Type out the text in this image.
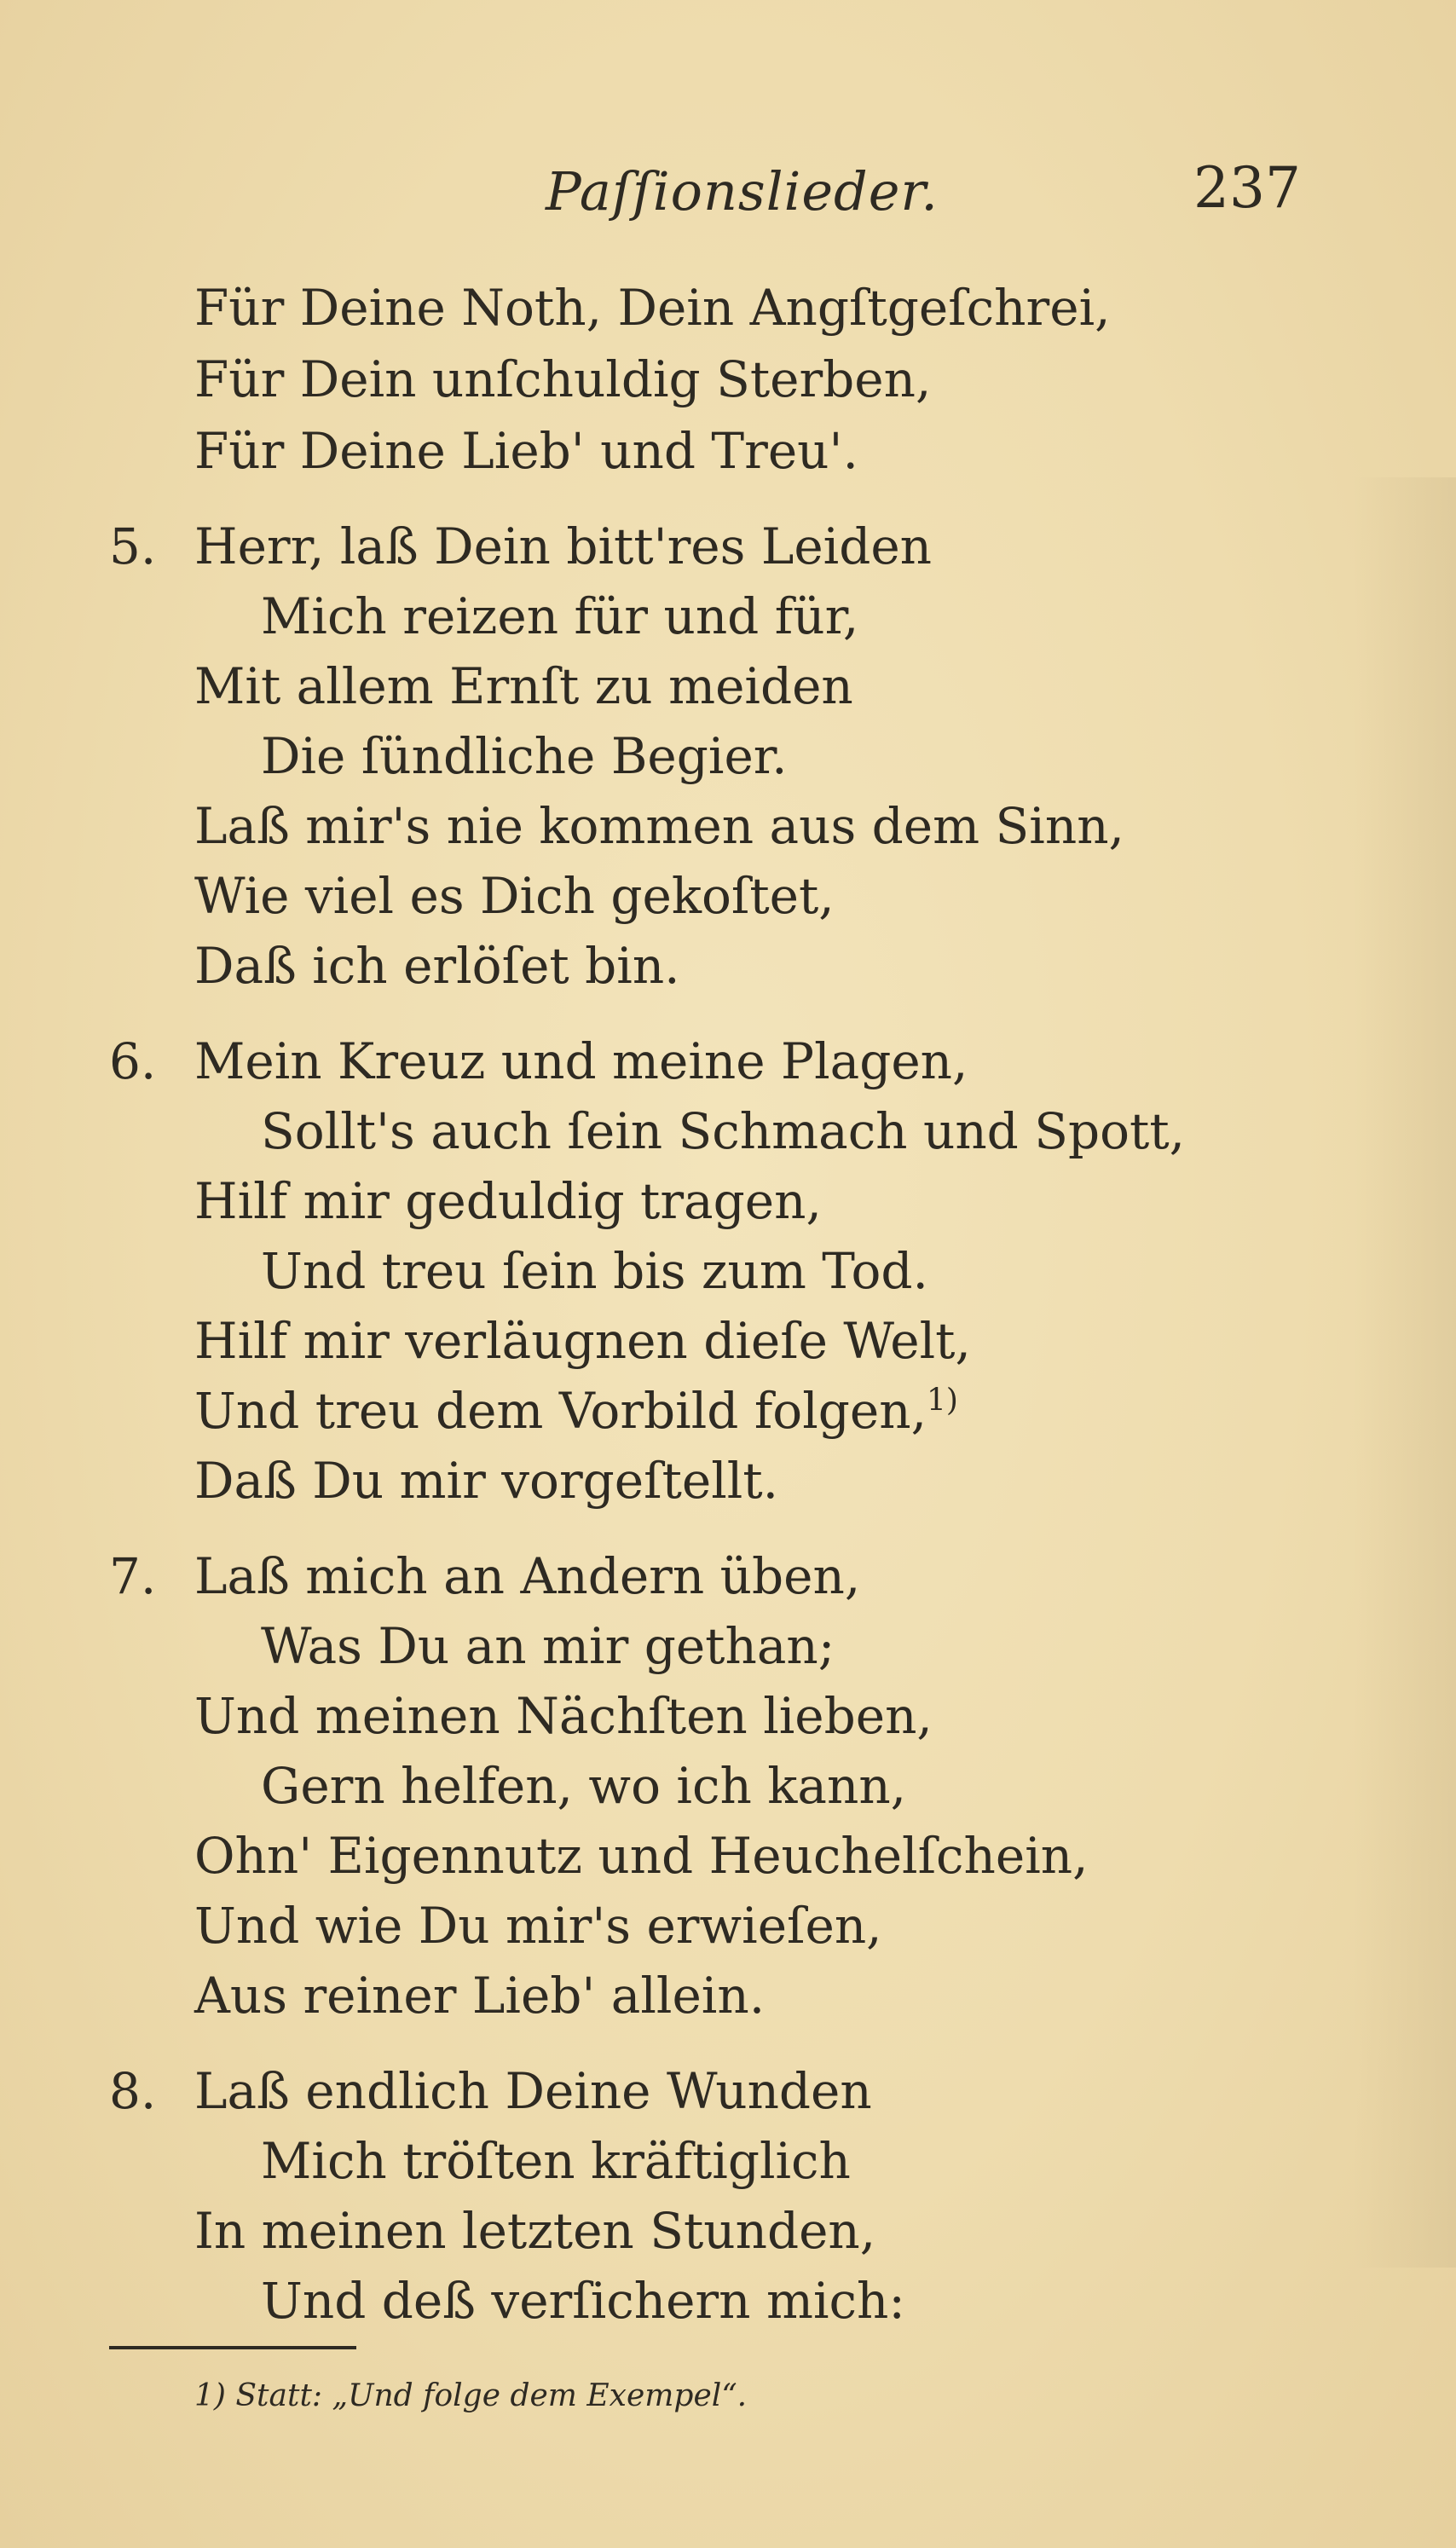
Paſſionslieder.	237
Für Deine Noth, Dein Angſtgeſchrei,
Für Dein unſchuldig Sterben,
Für Deine Lieb' und Treu'.
5. Herr, laß Dein bitt'res Leiden
Mich reizen für und für,
Mit allem Ernſt zu meiden
Die ſündliche Begier.
Laß mir's nie kommen aus dem Sinn,
Wie viel es Dich gekoſtet,
Daß ich erlöſet bin.
6. Mein Kreuz und meine Plagen,
Sollt's auch ſein Schmach und Spott,
Hilf mir geduldig tragen,
Und treu ſein bis zum Tod.
Hilf mir verläugnen dieſe Welt,
Und treu dem Vorbild folgen,$^{1)}$
Daß Du mir vorgeſtellt.
7. Laß mich an Andern üben,
Was Du an mir gethan;
Und meinen Nächſten lieben,
Gern helfen, wo ich kann,
Ohn' Eigennutz und Heuchelſchein,
Und wie Du mir's erwieſen,
Aus reiner Lieb' allein.
8. Laß endlich Deine Wunden
Mich tröſten kräftiglich
In meinen letzten Stunden,
Und deß verſichern mich:
1) Statt: „Und folge dem Exempel“.
